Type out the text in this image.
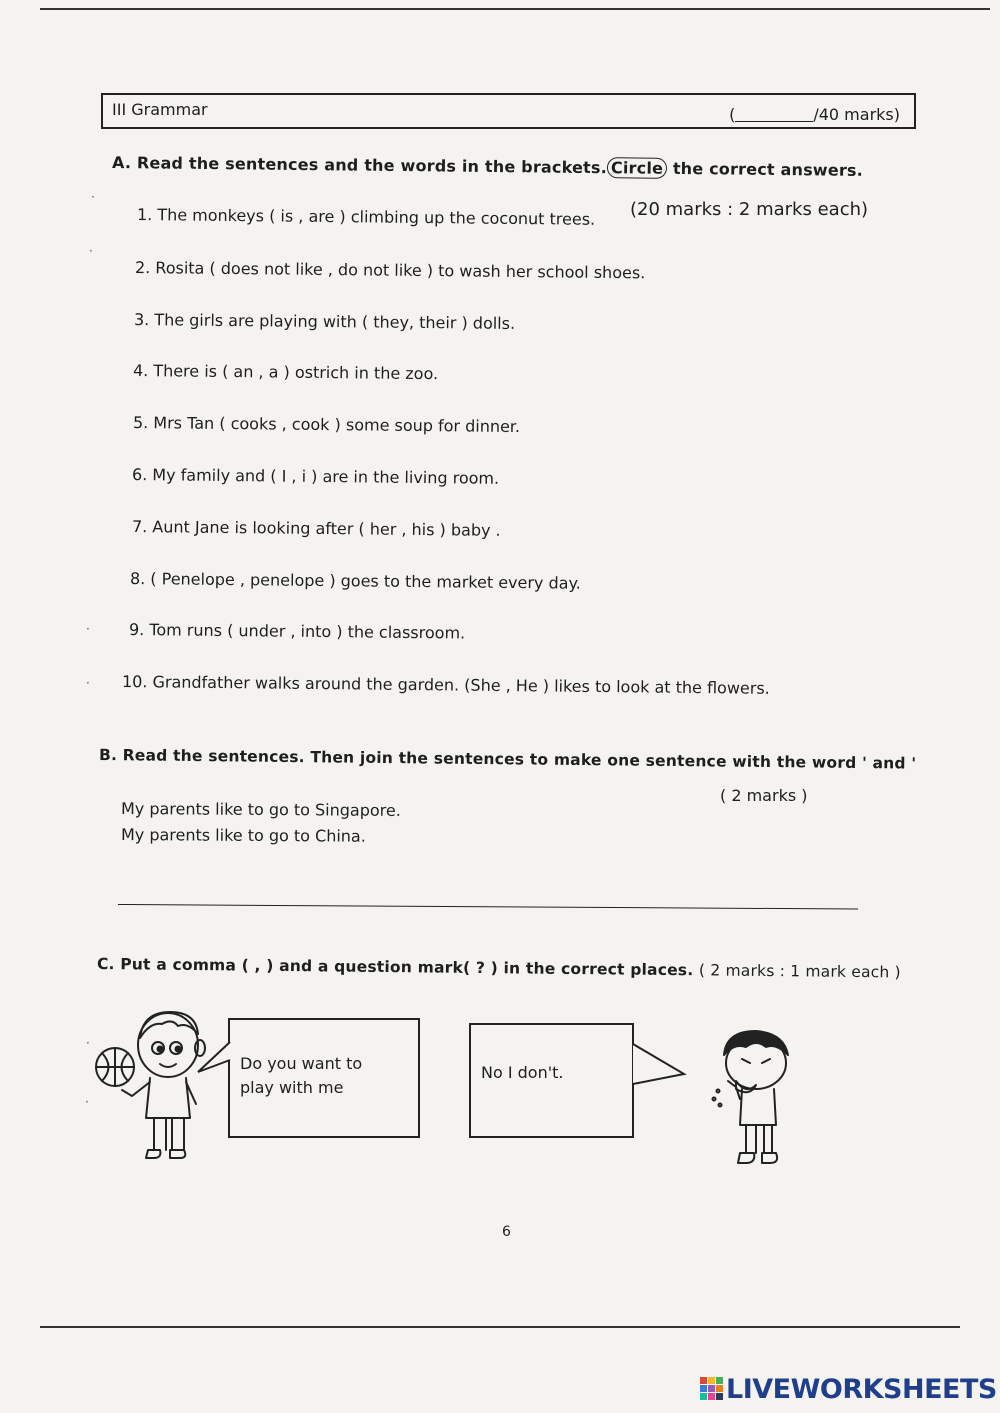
III Grammar	(	/40 marks)
A. Read the sentences and the words in the brackets. Circle the correct answers.
(20 marks : 2 marks each)
1. The monkeys ( is , are ) climbing up the coconut trees.
2. Rosita ( does not like , do not like ) to wash her school shoes.
3. The girls are playing with ( they, their ) dolls.
4. There is ( an , a ) ostrich in the zoo.
5. Mrs Tan ( cooks , cook ) some soup for dinner.
6. My family and ( I , i ) are in the living room.
7. Aunt Jane is looking after ( her , his ) baby .
8. ( Penelope , penelope ) goes to the market every day.
9. Tom runs ( under , into ) the classroom.
10. Grandfather walks around the garden. (She , He ) likes to look at the flowers.
·
·
·
·
B. Read the sentences. Then join the sentences to make one sentence with the word ' and '
( 2 marks )
My parents like to go to Singapore.
My parents like to go to China.
C. Put a comma ( , ) and a question mark( ? ) in the correct places. ( 2 marks : 1 mark each )
Do you want to
play with me
No I don't.
·
·
6
LIVEWORKSHEETS
